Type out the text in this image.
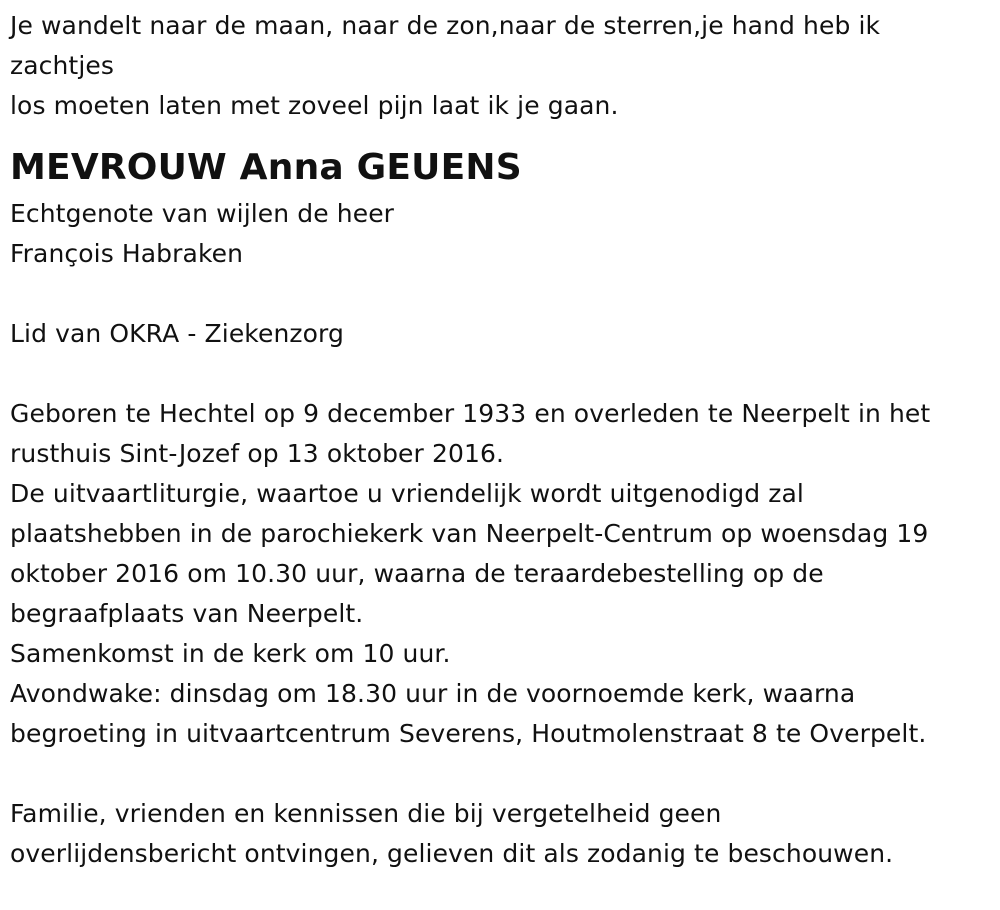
Je wandelt naar de maan, naar de zon,naar de sterren,je hand heb ik
zachtjes
los moeten laten met zoveel pijn laat ik je gaan.
MEVROUW Anna GEUENS
Echtgenote van wijlen de heer
François Habraken
Lid van OKRA - Ziekenzorg
Geboren te Hechtel op 9 december 1933 en overleden te Neerpelt in het
rusthuis Sint-Jozef op 13 oktober 2016.
De uitvaartliturgie, waartoe u vriendelijk wordt uitgenodigd zal
plaatshebben in de parochiekerk van Neerpelt-Centrum op woensdag 19
oktober 2016 om 10.30 uur, waarna de teraardebestelling op de
begraafplaats van Neerpelt.
Samenkomst in de kerk om 10 uur.
Avondwake: dinsdag om 18.30 uur in de voornoemde kerk, waarna
begroeting in uitvaartcentrum Severens, Houtmolenstraat 8 te Overpelt.
Familie, vrienden en kennissen die bij vergetelheid geen
overlijdensbericht ontvingen, gelieven dit als zodanig te beschouwen.
